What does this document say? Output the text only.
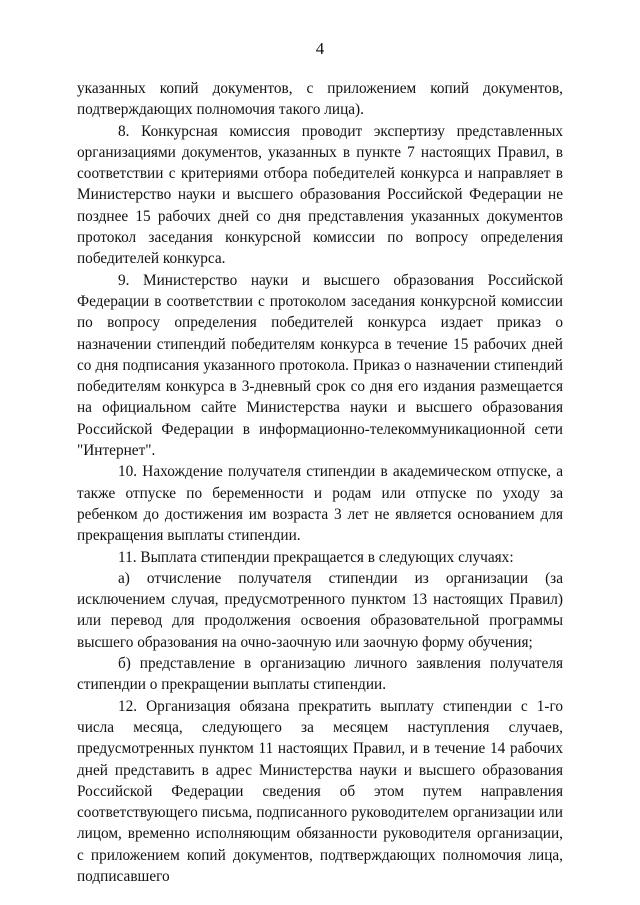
4

указанных копий документов, с приложением копий документов, подтверждающих полномочия такого лица).

8. Конкурсная комиссия проводит экспертизу представленных организациями документов, указанных в пункте 7 настоящих Правил, в соответствии с критериями отбора победителей конкурса и направляет в Министерство науки и высшего образования Российской Федерации не позднее 15 рабочих дней со дня представления указанных документов протокол заседания конкурсной комиссии по вопросу определения победителей конкурса.

9. Министерство науки и высшего образования Российской Федерации в соответствии с протоколом заседания конкурсной комиссии по вопросу определения победителей конкурса издает приказ о назначении стипендий победителям конкурса в течение 15 рабочих дней со дня подписания указанного протокола. Приказ о назначении стипендий победителям конкурса в 3-дневный срок со дня его издания размещается на официальном сайте Министерства науки и высшего образования Российской Федерации в информационно-телекоммуникационной сети "Интернет".

10. Нахождение получателя стипендии в академическом отпуске, а также отпуске по беременности и родам или отпуске по уходу за ребенком до достижения им возраста 3 лет не является основанием для прекращения выплаты стипендии.

11. Выплата стипендии прекращается в следующих случаях:

а) отчисление получателя стипендии из организации (за исключением случая, предусмотренного пунктом 13 настоящих Правил) или перевод для продолжения освоения образовательной программы высшего образования на очно-заочную или заочную форму обучения;

б) представление в организацию личного заявления получателя стипендии о прекращении выплаты стипендии.

12. Организация обязана прекратить выплату стипендии с 1-го числа месяца, следующего за месяцем наступления случаев, предусмотренных пунктом 11 настоящих Правил, и в течение 14 рабочих дней представить в адрес Министерства науки и высшего образования Российской Федерации сведения об этом путем направления соответствующего письма, подписанного руководителем организации или лицом, временно исполняющим обязанности руководителя организации, с приложением копий документов, подтверждающих полномочия лица, подписавшего
